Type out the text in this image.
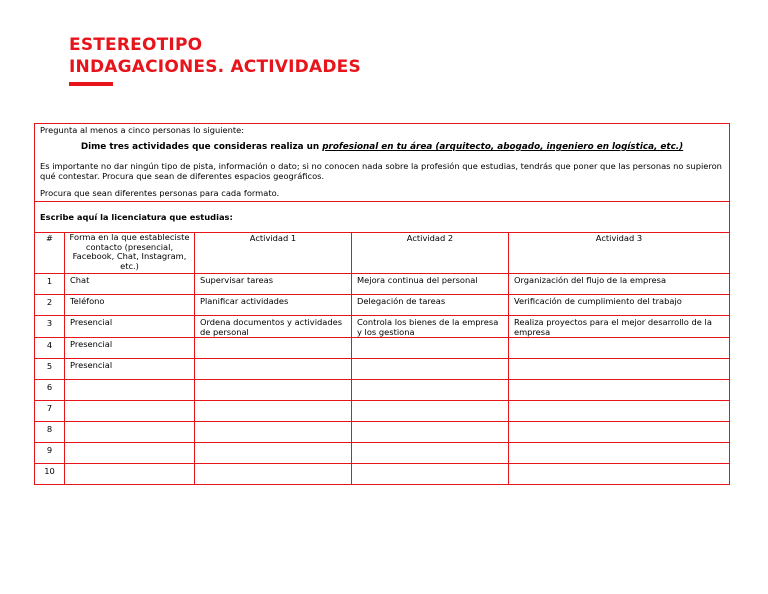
ESTEREOTIPO
INDAGACIONES. ACTIVIDADES

Pregunta al menos a cinco personas lo siguiente:

Dime tres actividades que consideras realiza un profesional en tu área (arquitecto, abogado, ingeniero en logística, etc.)

Es importante no dar ningún tipo de pista, información o dato; si no conocen nada sobre la profesión que estudias, tendrás que poner que las personas no supieron qué contestar. Procura que sean de diferentes espacios geográficos.

Procura que sean diferentes personas para cada formato.				

Escribe aquí la licenciatura que estudias:				
#	Forma en la que estableciste contacto (presencial, Facebook, Chat, Instagram, etc.)	Actividad 1	Actividad 2	Actividad 3
1	Chat	Supervisar tareas	Mejora continua del personal	Organización del flujo de la empresa

2	Teléfono	Planificar actividades	Delegación de tareas	Verificación de cumplimiento del trabajo

3	Presencial	Ordena documentos y actividades de personal	Controla los bienes de la empresa y los gestiona	Realiza proyectos para el mejor desarrollo de la empresa

4	Presencial			

5	Presencial			

6	

7	

8	

9	

10	
